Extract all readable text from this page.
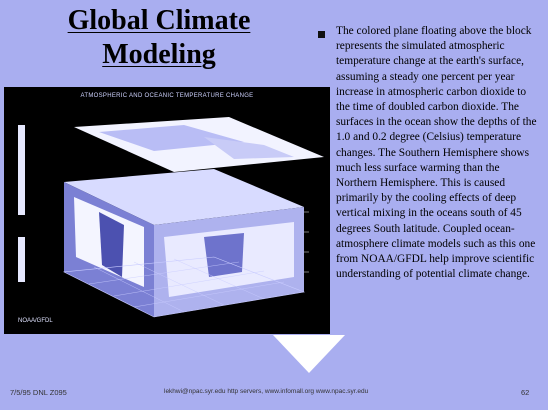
Global Climate
Modeling
ATMOSPHERIC AND OCEANIC TEMPERATURE CHANGE
NOAA/GFDL

The colored plane floating above the block represents the simulated atmospheric temperature change at the earth's surface, assuming a steady one percent per year increase in atmospheric carbon dioxide to the time of doubled carbon dioxide. The surfaces in the ocean show the depths of the 1.0 and 0.2 degree (Celsius) temperature changes. The Southern Hemisphere shows much less surface warming than the Northern Hemisphere. This is caused primarily by the cooling effects of deep vertical mixing in the oceans south of 45 degrees South latitude. Coupled ocean-atmosphere climate models such as this one from NOAA/GFDL help improve scientific understanding of potential climate change.

7/5/95 DNL Z095	lekhwi@npac.syr.edu http servers, www.infomall.org www.npac.syr.edu	62
